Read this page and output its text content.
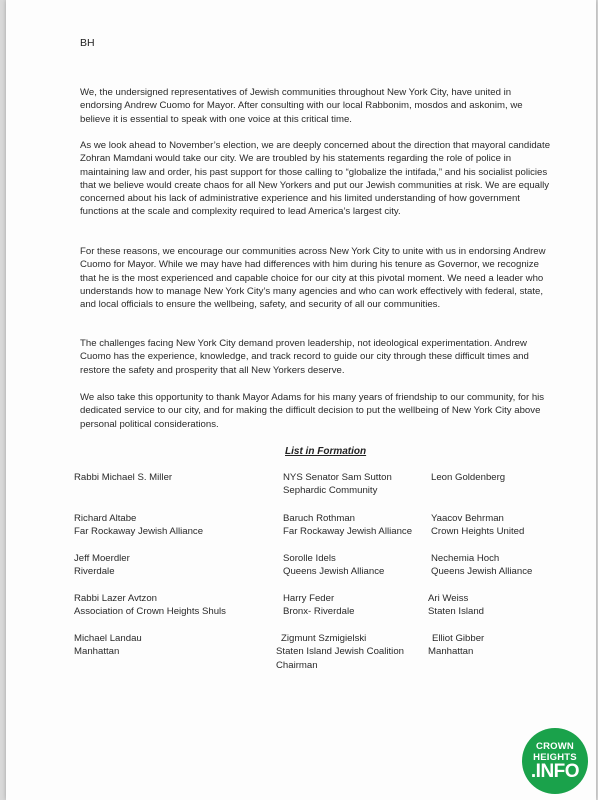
BH

We, the undersigned representatives of Jewish communities throughout New York City, have united in endorsing Andrew Cuomo for Mayor. After consulting with our local Rabbonim, mosdos and askonim, we believe it is essential to speak with one voice at this critical time.

As we look ahead to November’s election, we are deeply concerned about the direction that mayoral candidate Zohran Mamdani would take our city. We are troubled by his statements regarding the role of police in maintaining law and order, his past support for those calling to “globalize the intifada,” and his socialist policies that we believe would create chaos for all New Yorkers and put our Jewish communities at risk. We are equally concerned about his lack of administrative experience and his limited understanding of how government functions at the scale and complexity required to lead America’s largest city.

For these reasons, we encourage our communities across New York City to unite with us in endorsing Andrew Cuomo for Mayor. While we may have had differences with him during his tenure as Governor, we recognize that he is the most experienced and capable choice for our city at this pivotal moment. We need a leader who understands how to manage New York City’s many agencies and who can work effectively with federal, state, and local officials to ensure the wellbeing, safety, and security of all our communities.

The challenges facing New York City demand proven leadership, not ideological experimentation. Andrew Cuomo has the experience, knowledge, and track record to guide our city through these difficult times and restore the safety and prosperity that all New Yorkers deserve.

We also take this opportunity to thank Mayor Adams for his many years of friendship to our community, for his dedicated service to our city, and for making the difficult decision to put the wellbeing of New York City above personal political considerations.

List in Formation
Rabbi Michael S. Miller	NYS Senator Sam Sutton
Sephardic Community
Leon Goldenberg
Richard Altabe
Far Rockaway Jewish Alliance
Baruch Rothman
Far Rockaway Jewish Alliance
Yaacov Behrman
Crown Heights United
Jeff Moerdler
Riverdale
Sorolle Idels
Queens Jewish Alliance
Nechemia Hoch
Queens Jewish Alliance
Rabbi Lazer Avtzon
Association of Crown Heights Shuls
Harry Feder
Bronx- Riverdale
Ari Weiss
Staten Island
Michael Landau
Manhattan
Zigmunt Szmigielski
Staten Island Jewish Coalition
Chairman
Elliot Gibber
Manhattan
CROWN
HEIGHTS
.INFO
